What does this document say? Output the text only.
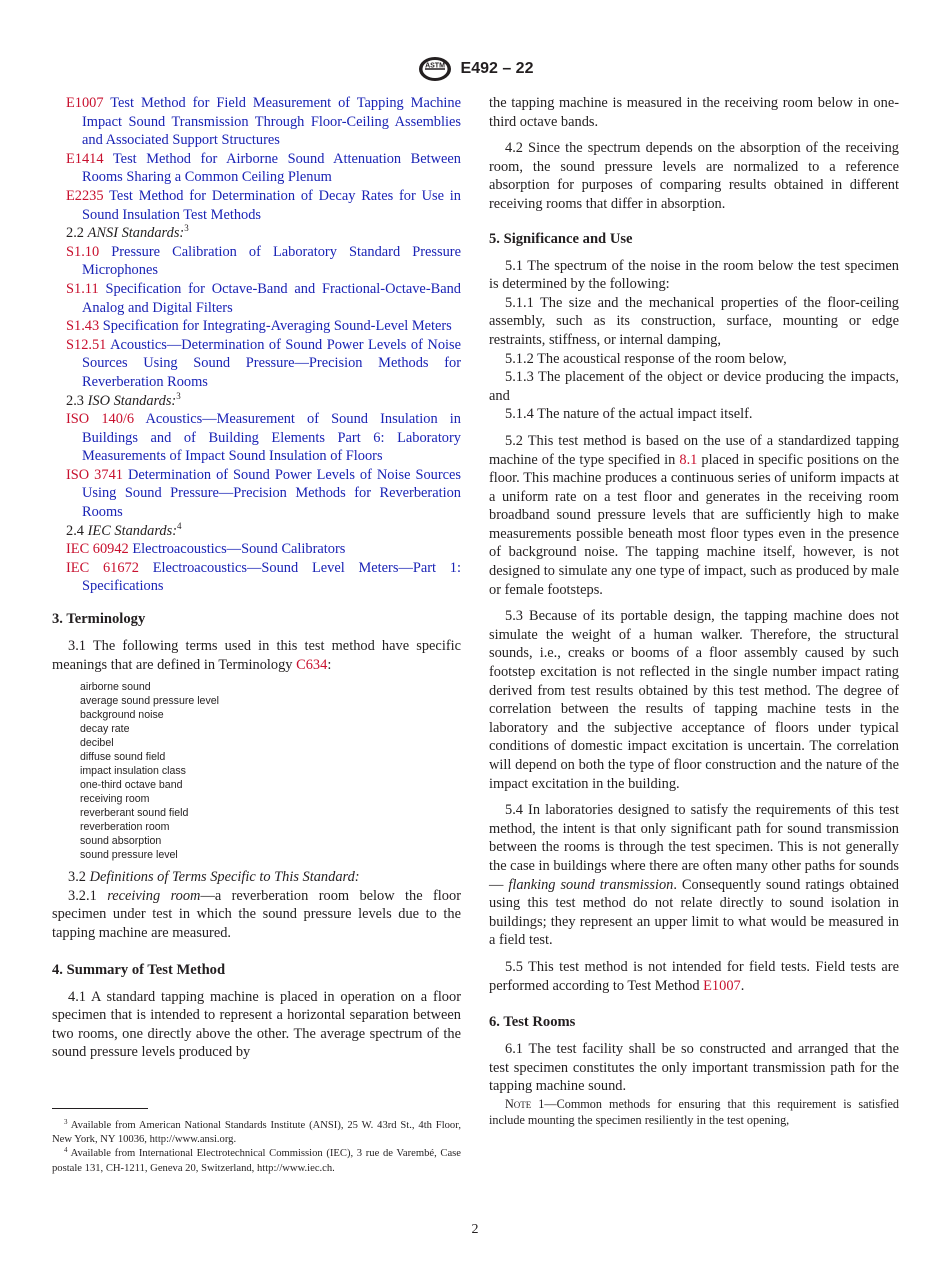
ASTM E492 – 22
E1007 Test Method for Field Measurement of Tapping Machine Impact Sound Transmission Through Floor-Ceiling Assemblies and Associated Support Structures
E1414 Test Method for Airborne Sound Attenuation Between Rooms Sharing a Common Ceiling Plenum
E2235 Test Method for Determination of Decay Rates for Use in Sound Insulation Test Methods
2.2 ANSI Standards:$^3$
S1.10 Pressure Calibration of Laboratory Standard Pressure Microphones
S1.11 Specification for Octave-Band and Fractional-Octave-Band Analog and Digital Filters
S1.43 Specification for Integrating-Averaging Sound-Level Meters
S12.51 Acoustics—Determination of Sound Power Levels of Noise Sources Using Sound Pressure—Precision Methods for Reverberation Rooms
2.3 ISO Standards:$^3$
ISO 140/6 Acoustics—Measurement of Sound Insulation in Buildings and of Building Elements Part 6: Laboratory Measurements of Impact Sound Insulation of Floors
ISO 3741 Determination of Sound Power Levels of Noise Sources Using Sound Pressure—Precision Methods for Reverberation Rooms
2.4 IEC Standards:$^4$
IEC 60942 Electroacoustics—Sound Calibrators
IEC 61672 Electroacoustics—Sound Level Meters—Part 1: Specifications
3. Terminology

3.1 The following terms used in this test method have specific meanings that are defined in Terminology C634:

airborne sound
average sound pressure level
background noise
decay rate
decibel
diffuse sound field
impact insulation class
one-third octave band
receiving room
reverberant sound field
reverberation room
sound absorption
sound pressure level

3.2 Definitions of Terms Specific to This Standard:

3.2.1 receiving room—a reverberation room below the floor specimen under test in which the sound pressure levels due to the tapping machine are measured.

4. Summary of Test Method

4.1 A standard tapping machine is placed in operation on a floor specimen that is intended to represent a horizontal separation between two rooms, one directly above the other. The average spectrum of the sound pressure levels produced by

$^3$ Available from American National Standards Institute (ANSI), 25 W. 43rd St., 4th Floor, New York, NY 10036, http://www.ansi.org.
$^4$ Available from International Electrotechnical Commission (IEC), 3 rue de Varembé, Case postale 131, CH-1211, Geneva 20, Switzerland, http://www.iec.ch.

the tapping machine is measured in the receiving room below in one-third octave bands.

4.2 Since the spectrum depends on the absorption of the receiving room, the sound pressure levels are normalized to a reference absorption for purposes of comparing results obtained in different receiving rooms that differ in absorption.

5. Significance and Use

5.1 The spectrum of the noise in the room below the test specimen is determined by the following:

5.1.1 The size and the mechanical properties of the floor-ceiling assembly, such as its construction, surface, mounting or edge restraints, stiffness, or internal damping,

5.1.2 The acoustical response of the room below,

5.1.3 The placement of the object or device producing the impacts, and

5.1.4 The nature of the actual impact itself.

5.2 This test method is based on the use of a standardized tapping machine of the type specified in 8.1 placed in specific positions on the floor. This machine produces a continuous series of uniform impacts at a uniform rate on a test floor and generates in the receiving room broadband sound pressure levels that are sufficiently high to make measurements possible beneath most floor types even in the presence of background noise. The tapping machine itself, however, is not designed to simulate any one type of impact, such as produced by male or female footsteps.

5.3 Because of its portable design, the tapping machine does not simulate the weight of a human walker. Therefore, the structural sounds, i.e., creaks or booms of a floor assembly caused by such footstep excitation is not reflected in the single number impact rating derived from test results obtained by this test method. The degree of correlation between the results of tapping machine tests in the laboratory and the subjective acceptance of floors under typical conditions of domestic impact excitation is uncertain. The correlation will depend on both the type of floor construction and the nature of the impact excitation in the building.

5.4 In laboratories designed to satisfy the requirements of this test method, the intent is that only significant path for sound transmission between the rooms is through the test specimen. This is not generally the case in buildings where there are often many other paths for sounds— flanking sound transmission. Consequently sound ratings obtained using this test method do not relate directly to sound isolation in buildings; they represent an upper limit to what would be measured in a field test.

5.5 This test method is not intended for field tests. Field tests are performed according to Test Method E1007.

6. Test Rooms

6.1 The test facility shall be so constructed and arranged that the test specimen constitutes the only important transmission path for the tapping machine sound.

Note 1—Common methods for ensuring that this requirement is satisfied include mounting the specimen resiliently in the test opening,
2
